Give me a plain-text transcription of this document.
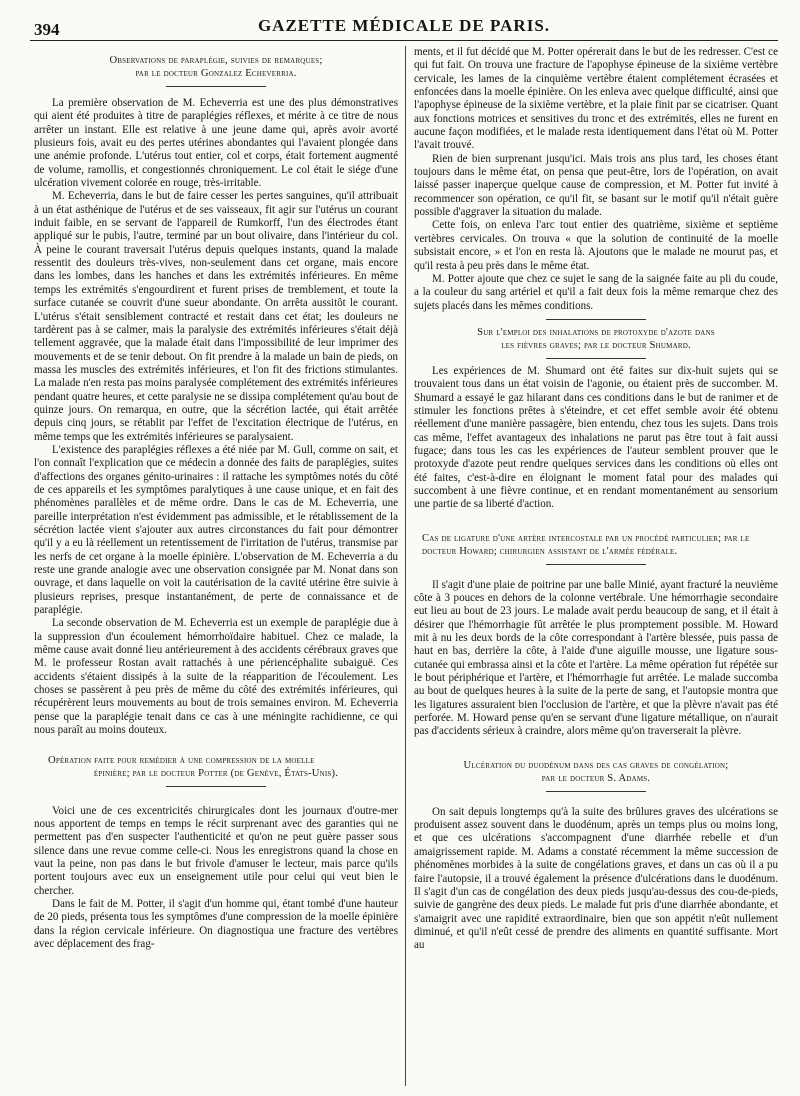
394	GAZETTE MÉDICALE DE PARIS.
Observations de paraplégie, suivies de remarques;
par le docteur Gonzalez Echeverria.

La première observation de M. Echeverria est une des plus démonstratives qui aient été produites à titre de paraplégies réflexes, et mérite à ce titre de nous arrêter un instant. Elle est relative à une jeune dame qui, après avoir avorté plusieurs fois, avait eu des pertes utérines abondantes qui l'avaient plongée dans une anémie profonde. L'utérus tout entier, col et corps, était fortement augmenté de volume, ramollis, et congestionnés chroniquement. Le col était le siége d'une ulcération vivement colorée en rouge, très-irritable.

M. Echeverria, dans le but de faire cesser les pertes sanguines, qu'il attribuait à un état asthénique de l'utérus et de ses vaisseaux, fit agir sur l'utérus un courant induit faible, en se servant de l'appareil de Rumkorff, l'un des électrodes étant appliqué sur le pubis, l'autre, terminé par un bout olivaire, dans l'intérieur du col. À peine le courant traversait l'utérus depuis quelques instants, quand la malade ressentit des douleurs très-vives, non-seulement dans cet organe, mais encore dans les lombes, dans les hanches et dans les extrémités inférieures. En même temps les extrémités s'engourdirent et furent prises de tremblement, et toute la surface cutanée se couvrit d'une sueur abondante. On arrêta aussitôt le courant. L'utérus s'était sensiblement contracté et restait dans cet état; les douleurs ne tardèrent pas à se calmer, mais la paralysie des extrémités inférieures s'était déjà tellement aggravée, que la malade était dans l'impossibilité de leur imprimer des mouvements et de se tenir debout. On fit prendre à la malade un bain de pieds, on massa les muscles des extrémités inférieures, et l'on fit des frictions stimulantes. La malade n'en resta pas moins paralysée complétement des extrémités inférieures pendant quatre heures, et cette paralysie ne se dissipa complétement qu'au bout de quinze jours. On remarqua, en outre, que la sécrétion lactée, qui était arrêtée depuis cinq jours, se rétablit par l'effet de l'excitation électrique de l'utérus, en même temps que les extrémités inférieures se paralysaient.

L'existence des paraplégies réflexes a été niée par M. Gull, comme on sait, et l'on connaît l'explication que ce médecin a donnée des faits de paraplégies, suites d'affections des organes génito-urinaires : il rattache les symptômes notés du côté de ces appareils et les symptômes paralytiques à une cause unique, et en fait des phénomènes parallèles et de même ordre. Dans le cas de M. Echeverria, une pareille interprétation n'est évidemment pas admissible, et le rétablissement de la sécrétion lactée vient s'ajouter aux autres circonstances du fait pour démontrer qu'il y a eu là réellement un retentissement de l'irritation de l'utérus, transmise par les nerfs de cet organe à la moelle épinière. L'observation de M. Echeverria a du reste une grande analogie avec une observation consignée par M. Nonat dans son ouvrage, et dans laquelle on voit la cautérisation de la cavité utérine être suivie à plusieurs reprises, presque instantanément, de perte de connaissance et de paraplégie.

La seconde observation de M. Echeverria est un exemple de paraplégie due à la suppression d'un écoulement hémorrhoïdaire habituel. Chez ce malade, la même cause avait donné lieu antérieurement à des accidents cérébraux graves que M. le professeur Rostan avait rattachés à une périencéphalite subaiguë. Ces accidents s'étaient dissipés à la suite de la réapparition de l'écoulement. Les choses se passèrent à peu près de même du côté des extrémités inférieures, qui récupérèrent leurs mouvements au bout de trois semaines environ. M. Echeverria pense que la paraplégie tenait dans ce cas à une méningite rachidienne, ce qui nous paraît au moins douteux.

Opération faite pour remédier à une compression de la moelle
épinière; par le docteur Potter (de Genève, États-Unis).

Voici une de ces excentricités chirurgicales dont les journaux d'outre-mer nous apportent de temps en temps le récit surprenant avec des garanties qui ne permettent pas d'en suspecter l'authenticité et qu'on ne peut guère passer sous silence dans une revue comme celle-ci. Nous les enregistrons quand la chose en vaut la peine, non pas dans le but frivole d'amuser le lecteur, mais parce qu'ils portent toujours avec eux un enseignement utile pour celui qui veut bien le chercher.

Dans le fait de M. Potter, il s'agit d'un homme qui, étant tombé d'une hauteur de 20 pieds, présenta tous les symptômes d'une compression de la moelle épinière dans la région cervicale inférieure. On diagnostiqua une fracture des vertèbres avec déplacement des frag-

ments, et il fut décidé que M. Potter opérerait dans le but de les redresser. C'est ce qui fut fait. On trouva une fracture de l'apophyse épineuse de la sixième vertèbre cervicale, les lames de la cinquième vertèbre étaient complétement écrasées et enfoncées dans la moelle épinière. On les enleva avec quelque difficulté, ainsi que l'apophyse épineuse de la sixième vertèbre, et la plaie finit par se cicatriser. Quant aux fonctions motrices et sensitives du tronc et des extrémités, elles ne furent en aucune façon modifiées, et le malade resta identiquement dans l'état où M. Potter l'avait trouvé.

Rien de bien surprenant jusqu'ici. Mais trois ans plus tard, les choses étant toujours dans le même état, on pensa que peut-être, lors de l'opération, on avait laissé passer inaperçue quelque cause de compression, et M. Potter fut invité à recommencer son opération, ce qu'il fit, se basant sur le motif qu'il n'était guère possible d'aggraver la situation du malade.

Cette fois, on enleva l'arc tout entier des quatrième, sixième et septième vertèbres cervicales. On trouva « que la solution de continuité de la moelle subsistait encore, » et l'on en resta là. Ajoutons que le malade ne mourut pas, et qu'il resta à peu près dans le même état.

M. Potter ajoute que chez ce sujet le sang de la saignée faite au pli du coude, a la couleur du sang artériel et qu'il a fait deux fois la même remarque chez des sujets placés dans les mêmes conditions.

Sur l'emploi des inhalations de protoxyde d'azote dans
les fièvres graves; par le docteur Shumard.

Les expériences de M. Shumard ont été faites sur dix-huit sujets qui se trouvaient tous dans un état voisin de l'agonie, ou étaient près de succomber. M. Shumard a essayé le gaz hilarant dans ces conditions dans le but de ranimer et de stimuler les fonctions prêtes à s'éteindre, et cet effet semble avoir été obtenu réellement d'une manière passagère, bien entendu, chez tous les sujets. Dans trois cas même, l'effet avantageux des inhalations ne parut pas être tout à fait aussi fugace; dans tous les cas les expériences de l'auteur semblent prouver que le protoxyde d'azote peut rendre quelques services dans les conditions où elles ont été faites, c'est-à-dire en éloignant le moment fatal pour des malades qui succombent à une fièvre continue, et en rendant momentanément au sensorium une partie de sa liberté d'action.

Cas de ligature d'une artère intercostale par un procédé particulier; par le docteur Howard; chirurgien assistant de l'armée fédérale.

Il s'agit d'une plaie de poitrine par une balle Minié, ayant fracturé la neuvième côte à 3 pouces en dehors de la colonne vertébrale. Une hémorrhagie secondaire eut lieu au bout de 23 jours. Le malade avait perdu beaucoup de sang, et il était à désirer que l'hémorrhagie fût arrêtée le plus promptement possible. M. Howard mit à nu les deux bords de la côte correspondant à l'artère blessée, puis passa de haut en bas, derrière la côte, à l'aide d'une aiguille mousse, une ligature sous-cutanée qui embrassa ainsi et la côte et l'artère. La même opération fut répétée sur le bout périphérique et l'artère, et l'hémorrhagie fut arrêtée. Le malade succomba au bout de quelques heures à la suite de la perte de sang, et l'autopsie montra que les ligatures assuraient bien l'occlusion de l'artère, et que la plèvre n'avait pas été perforée. M. Howard pense qu'en se servant d'une ligature métallique, on n'aurait pas d'accidents sérieux à craindre, alors même qu'on traverserait la plèvre.

Ulcération du duodénum dans des cas graves de congélation;
par le docteur S. Adams.

On sait depuis longtemps qu'à la suite des brûlures graves des ulcérations se produisent assez souvent dans le duodénum, après un temps plus ou moins long, et que ces ulcérations s'accompagnent d'une diarrhée rebelle et d'un amaigrissement rapide. M. Adams a constaté récemment la même succession de phénomènes morbides à la suite de congélations graves, et dans un cas où il a pu faire l'autopsie, il a trouvé également la présence d'ulcérations dans le duodénum. Il s'agit d'un cas de congélation des deux pieds jusqu'au-dessus des cou-de-pieds, suivie de gangrène des deux pieds. Le malade fut pris d'une diarrhée abondante, et s'amaigrit avec une rapidité extraordinaire, bien que son appétit n'eût nullement diminué, et qu'il n'eût cessé de prendre des aliments en quantité suffisante. Mort au
